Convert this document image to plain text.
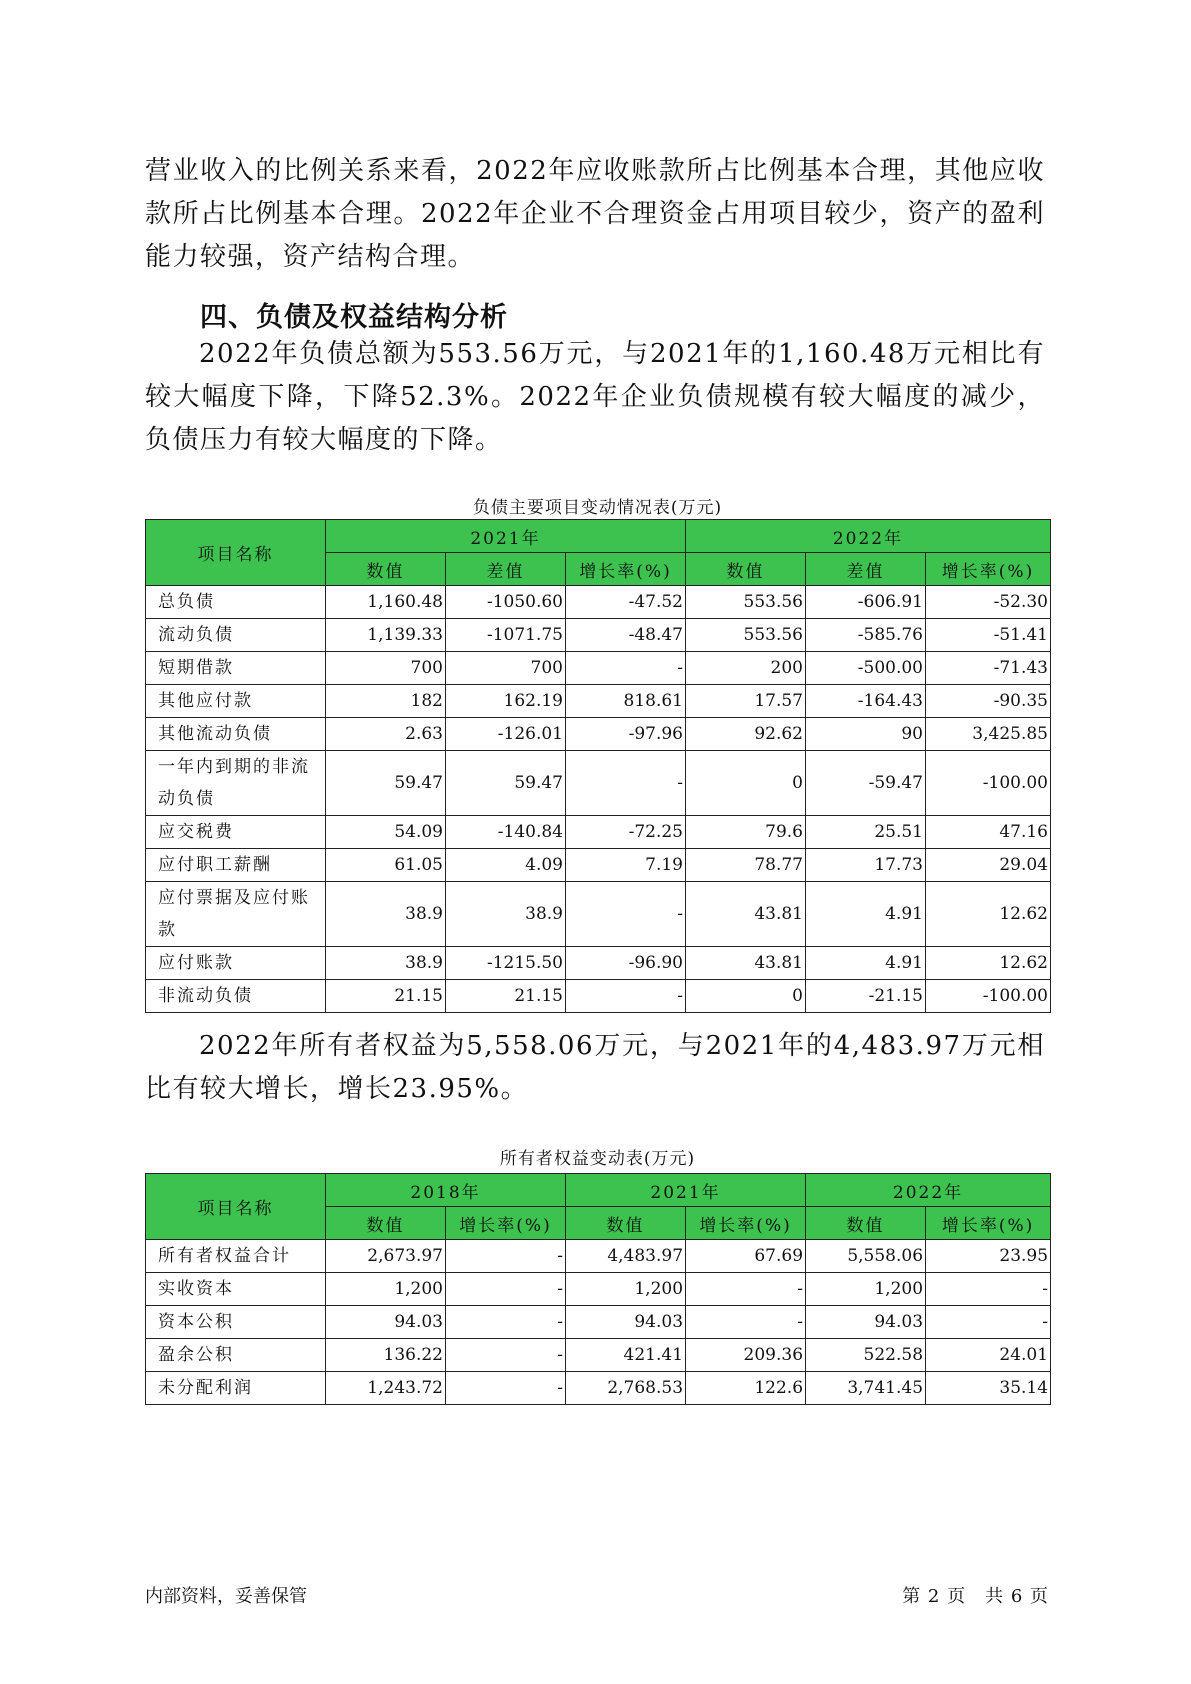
营业收入的比例关系来看，2022年应收账款所占比例基本合理，其他应收款所占比例基本合理。2022年企业不合理资金占用项目较少，资产的盈利能力较强，资产结构合理。

四、负债及权益结构分析

2022年负债总额为553.56万元，与2021年的1,160.48万元相比有较大幅度下降，下降52.3%。2022年企业负债规模有较大幅度的减少，负债压力有较大幅度的下降。

负债主要项目变动情况表(万元)

项目名称	2021年			2022年		
	数值	差值	增长率(%)	数值	差值	增长率(%)
总负债	1,160.48	-1050.60	-47.52	553.56	-606.91	-52.30
流动负债	1,139.33	-1071.75	-48.47	553.56	-585.76	-51.41
短期借款	700	700	-	200	-500.00	-71.43
其他应付款	182	162.19	818.61	17.57	-164.43	-90.35
其他流动负债	2.63	-126.01	-97.96	92.62	90	3,425.85
一年内到期的非流动负债	59.47	59.47	-	0	-59.47	-100.00
应交税费	54.09	-140.84	-72.25	79.6	25.51	47.16
应付职工薪酬	61.05	4.09	7.19	78.77	17.73	29.04
应付票据及应付账款	38.9	38.9	-	43.81	4.91	12.62
应付账款	38.9	-1215.50	-96.90	43.81	4.91	12.62
非流动负债	21.15	21.15	-	0	-21.15	-100.00

2022年所有者权益为5,558.06万元，与2021年的4,483.97万元相比有较大增长，增长23.95%。

所有者权益变动表(万元)

项目名称	2018年		2021年		2022年	
	数值	增长率(%)	数值	增长率(%)	数值	增长率(%)
所有者权益合计	2,673.97	-	4,483.97	67.69	5,558.06	23.95
实收资本	1,200	-	1,200	-	1,200	-
资本公积	94.03	-	94.03	-	94.03	-
盈余公积	136.22	-	421.41	209.36	522.58	24.01
未分配利润	1,243.72	-	2,768.53	122.6	3,741.45	35.14

内部资料，妥善保管	第 2 页　共 6 页
